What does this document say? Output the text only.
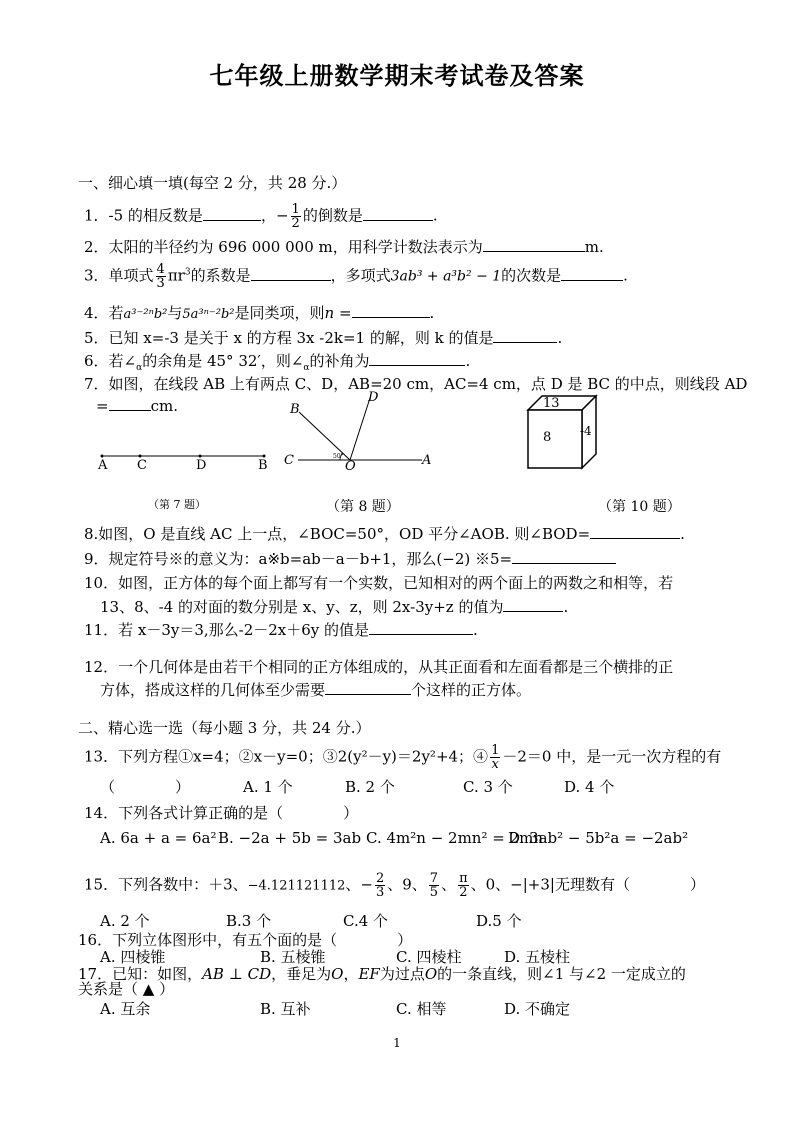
七年级上册数学期末考试卷及答案
一、细心填一填(每空 2 分，共 28 分.）
1．-5 的相反数是	，− $\frac{1}{2}$ 的倒数是	.
2．太阳的半径约为 696 000 000 m，用科学计数法表示为	m.
3．单项式 $\frac{4}{3} \pi r^3$的系数是	，多项式3ab³ + a³b² − 1的次数是	.
4．若a³⁻²ⁿb²与5a³ⁿ⁻²b²是同类项，则n =	.
5．已知 x=-3 是关于 x 的方程 3x -2k=1 的解，则 k 的值是	.
6．若$\angle_\alpha$的余角是 45° 32′，则$\angle_\alpha$的补角为	.
7．如图，在线段 AB 上有两点 C、D，AB=20 cm，AC=4 cm，点 D 是 BC 的中点，则线段 AD
=	cm.
A C	D	B
（第 7 题）
B
D
C	O	A
50°
（第 8 题）
13
8 -4
（第 10 题）
8.如图，O 是直线 AC 上一点，∠BOC=50°，OD 平分∠AOB. 则∠BOD=	.
9．规定符号※的意义为：a※b=ab－a－b+1，那么(−2) ※5=
10．如图，正方体的每个面上都写有一个实数，已知相对的两个面上的两数之和相等，若
13、8、-4 的对面的数分别是 x、y、z，则 2x-3y+z 的值为	.
11．若 x－3y＝3,那么-2－2x＋6y 的值是	.
12．一个几何体是由若干个相同的正方体组成的，从其正面看和左面看都是三个横排的正
方体，搭成这样的几何体至少需要	个这样的正方体。
二、精心选一选（每小题 3 分，共 24 分.）
13．下列方程①x=4；②x－y=0；③2(y²－y)＝2y²+4；④ $\frac{1}{x} -2=0$ 中，是一元一次方程的有
（　　　　）	A. 1 个	B. 2 个	C. 3 个	D. 4 个
14．下列各式计算正确的是（　　　　）
A. 6a + a = 6a² B. −2a + 5b = 3ab C. 4m²n − 2mn² = 2mn
D. 3ab² − 5b²a = −2ab²
15．下列各数中：＋3、−4.121121112、− $\frac{2}{3}$ 、9、 $\frac{7}{5}$ 、 $\frac{\pi}{2}$ 、0、−|+3|无理数有（　　　　）
A. 2 个	B.3 个	C.4 个	D.5 个
16．下列立体图形中，有五个面的是（　　　　）
A. 四棱锥	B. 五棱锥	C. 四棱柱	D. 五棱柱
17．已知：如图，AB ⊥ CD，垂足为O，EF为过点O的一条直线，则∠1 与∠2 一定成立的
关系是（ ▲ ）
A. 互余	B. 互补	C. 相等	D. 不确定
1
